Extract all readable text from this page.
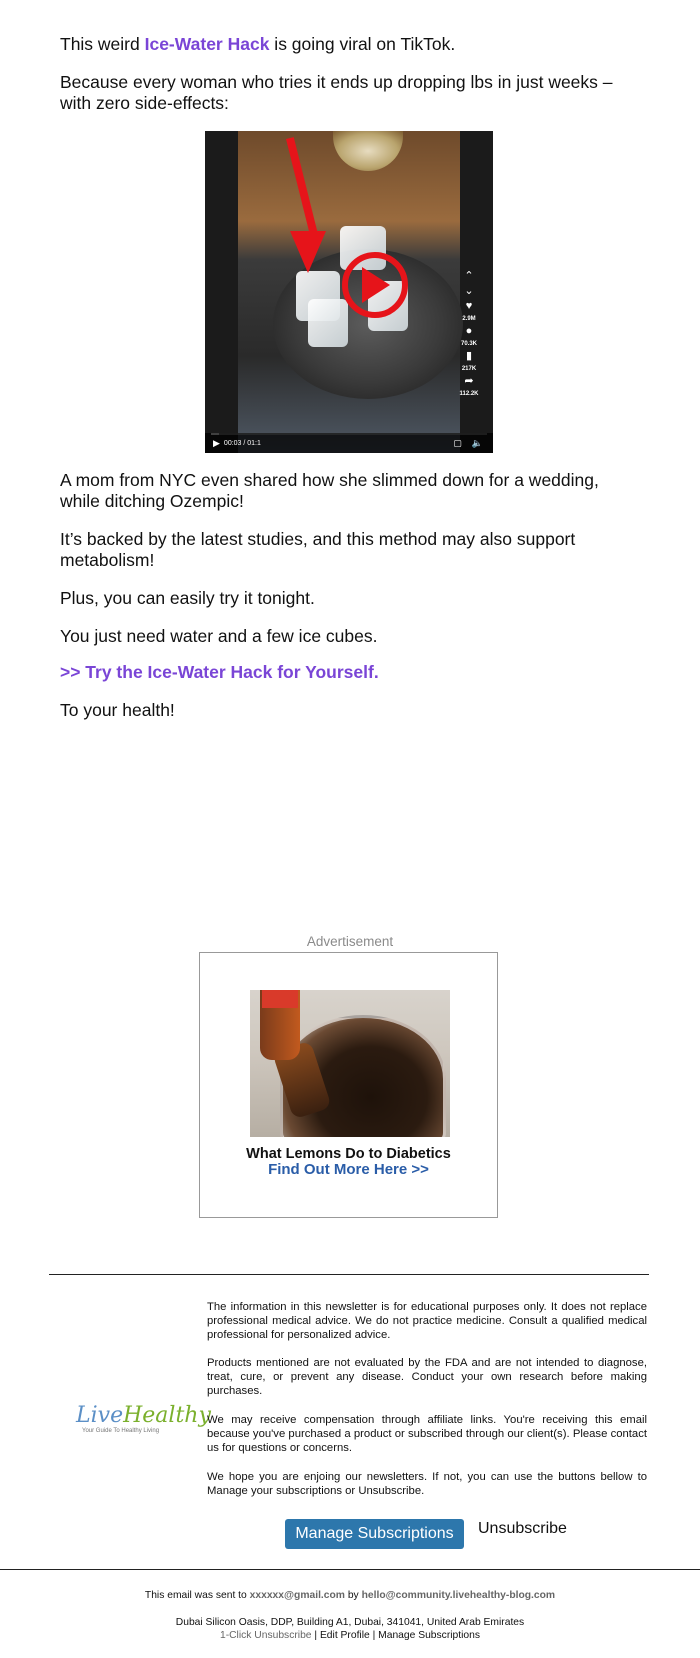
This weird Ice-Water Hack is going viral on TikTok.

Because every woman who tries it ends up dropping lbs in just weeks – with zero side-effects:

⌃
⌄
♥
2.9M
●
70.3K
▮
217K
➦
112.2K
▶ 00:03 / 01:1	▢ 🔈

A mom from NYC even shared how she slimmed down for a wedding, while ditching Ozempic!

It’s backed by the latest studies, and this method may also support metabolism!

Plus, you can easily try it tonight.

You just need water and a few ice cubes.

>> Try the Ice-Water Hack for Yourself.

To your health!

Advertisement
What Lemons Do to Diabetics
Find Out More Here >>
LiveHealthy
Your Guide To Healthy Living

The information in this newsletter is for educational purposes only. It does not replace professional medical advice. We do not practice medicine. Consult a qualified medical professional for personalized advice.

Products mentioned are not evaluated by the FDA and are not intended to diagnose, treat, cure, or prevent any disease. Conduct your own research before making purchases.

We may receive compensation through affiliate links. You're receiving this email because you've purchased a product or subscribed through our client(s). Please contact us for questions or concerns.

We hope you are enjoing our newsletters. If not, you can use the buttons bellow to Manage your subscriptions or Unsubscribe.

Manage Subscriptions	Unsubscribe
This email was sent to xxxxxx@gmail.com by hello@community.livehealthy-blog.com
Dubai Silicon Oasis, DDP, Building A1, Dubai, 341041, United Arab Emirates
1-Click Unsubscribe | Edit Profile | Manage Subscriptions
